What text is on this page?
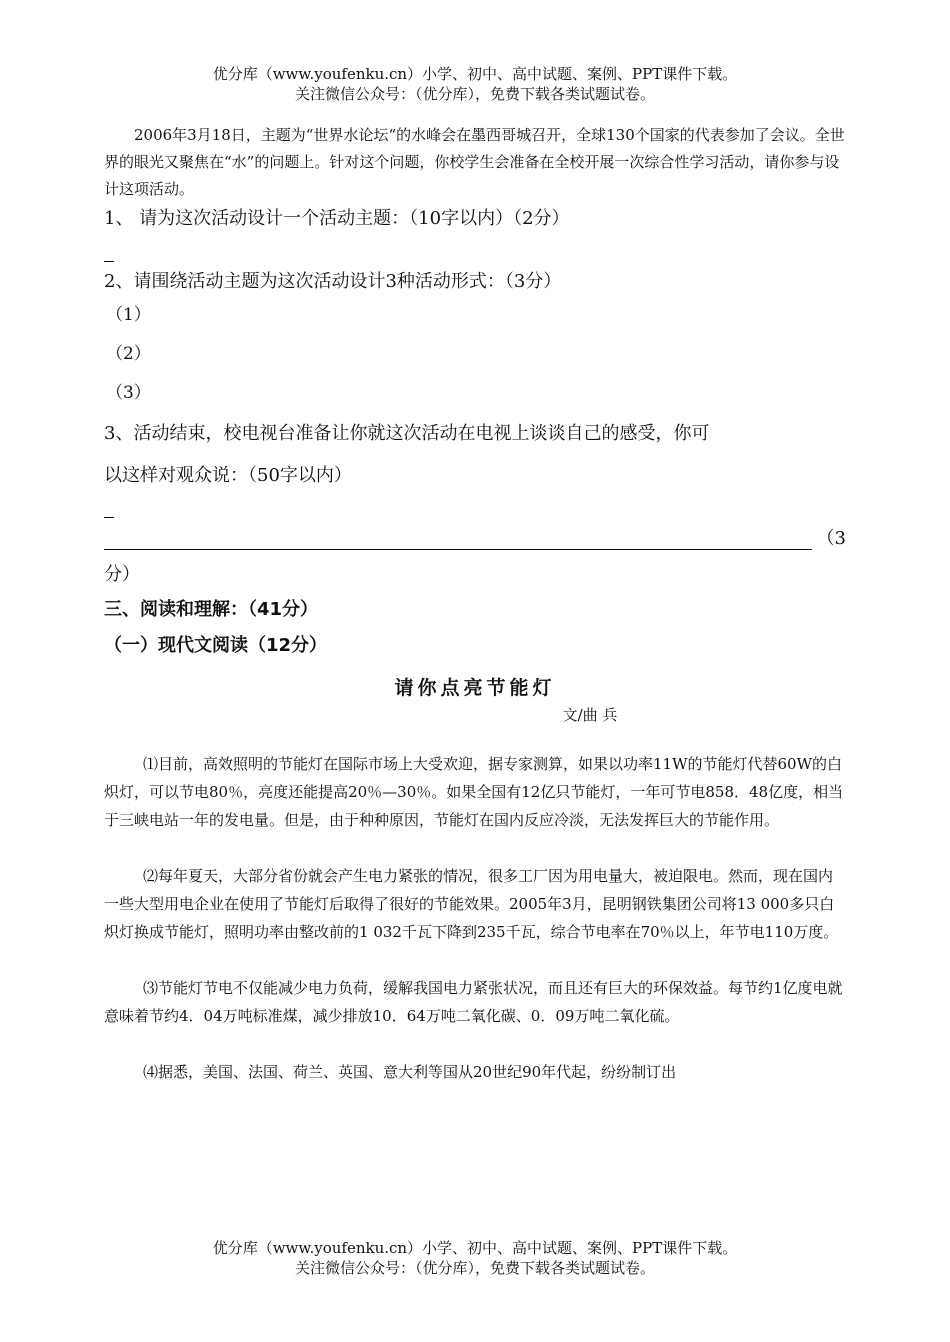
优分库（www.youfenku.cn）小学、初中、高中试题、案例、PPT课件下载。
关注微信公众号：（优分库），免费下载各类试题试卷。

2006年3月18日，主题为“世界水论坛“的水峰会在墨西哥城召开，全球130个国家的代表参加了会议。全世界的眼光又聚焦在“水”的问题上。针对这个问题，你校学生会准备在全校开展一次综合性学习活动，请你参与设计这项活动。

1、 请为这次活动设计一个活动主题：（10字以内）（2分）

2、请围绕活动主题为这次活动设计3种活动形式：（3分）

（1）

（2）

（3）

3、活动结束，校电视台准备让你就这次活动在电视上谈谈自己的感受，你可

以这样对观众说：（50字以内）

（3

分）

三、阅读和理解：（41分）

（一）现代文阅读（12分）

请你点亮节能灯

文/曲 兵

⑴目前，高效照明的节能灯在国际市场上大受欢迎，据专家测算，如果以功率11W的节能灯代替60W的白炽灯，可以节电80％，亮度还能提高20％—30％。如果全国有12亿只节能灯，一年可节电858．48亿度，相当于三峡电站一年的发电量。但是，由于种种原因，节能灯在国内反应冷淡，无法发挥巨大的节能作用。

⑵每年夏天，大部分省份就会产生电力紧张的情况，很多工厂因为用电量大，被迫限电。然而，现在国内一些大型用电企业在使用了节能灯后取得了很好的节能效果。2005年3月，昆明钢铁集团公司将13 000多只白炽灯换成节能灯，照明功率由整改前的1 032千瓦下降到235千瓦，综合节电率在70％以上，年节电110万度。

⑶节能灯节电不仅能减少电力负荷，缓解我国电力紧张状况，而且还有巨大的环保效益。每节约1亿度电就意味着节约4．04万吨标准煤，减少排放10．64万吨二氧化碳、0．09万吨二氧化硫。

⑷据悉，美国、法国、荷兰、英国、意大利等国从20世纪90年代起，纷纷制订出

优分库（www.youfenku.cn）小学、初中、高中试题、案例、PPT课件下载。
关注微信公众号：（优分库），免费下载各类试题试卷。
